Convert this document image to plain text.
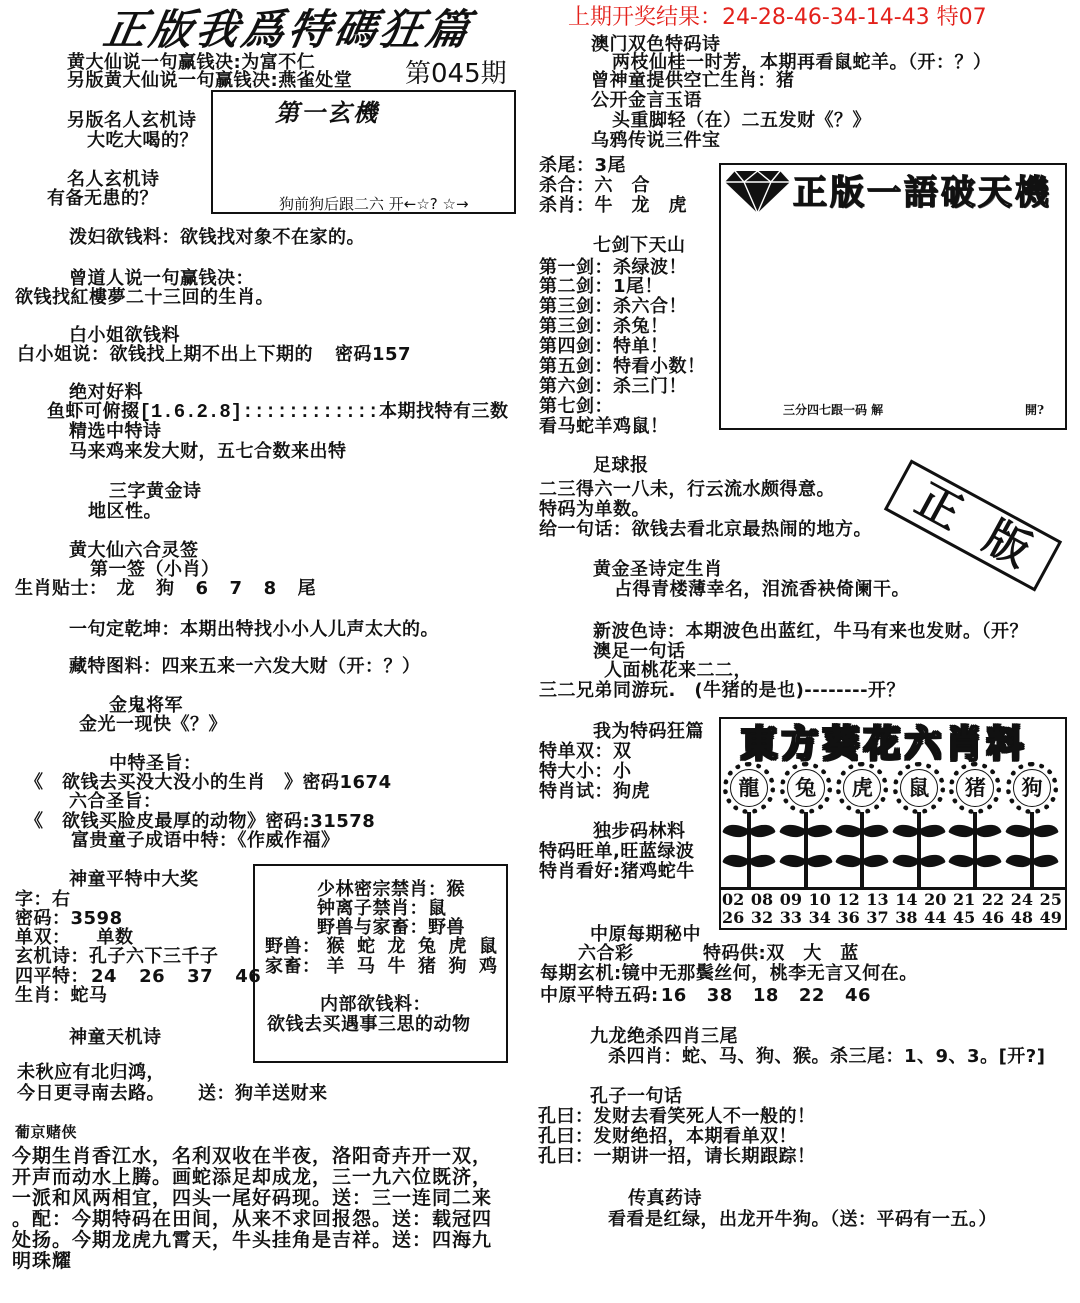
正版我爲特碼狂篇
第045期
上期开奖结果：24-28-46-34-14-43 特07
黄大仙说一句赢钱决:为富不仁
另版黄大仙说一句赢钱决:燕雀处堂
第一玄機
狗前狗后跟二六 开←☆? ☆→
另版名人玄机诗
大吃大喝的？
名人玄机诗
有备无患的？
泼妇欲钱料：欲钱找对象不在家的。
曾道人说一句赢钱决：
欲钱找紅樓夢二十三回的生肖。
白小姐欲钱料
白小姐说：欲钱找上期不出上下期的 密码157
绝对好料
鱼虾可俯掇 [1.6.2.8]:::::::::::: 本期找特有三数
精选中特诗
马来鸡来发大财，五七合数来出特
三字黄金诗
地区性。
黄大仙六合灵签
第一签（小肖）
生肖贴士： 龙 狗 6 7 8 尾
一句定乾坤：本期出特找小小人儿声太大的。
藏特图料：四来五来一六发大财（开：？）
金鬼将军
金光一现快《？》
中特圣旨：
《　欲钱去买没大没小的生肖　》密码1674
六合圣旨：
《　欲钱买脸皮最厚的动物》密码:31578
富贵童子成语中特：《作威作福》
神童平特中大奖
字： 右
密码： 3598
单双： 单数
玄机诗： 孔子六下三千子
四平特： 24 26 37 46
生肖： 蛇马
神童天机诗
未秋应有北归鸿，
今日更寻南去路。 送：狗羊送财来
少林密宗禁肖：猴
钟离子禁肖：鼠
野兽与家畜：野兽
野兽： 猴 蛇 龙 兔 虎 鼠
家畜： 羊 马 牛 猪 狗 鸡
内部欲钱料：
欲钱去买遇事三思的动物
葡京赌侠
今期生肖香江水，名利双收在半夜，洛阳奇卉开一双，
开声而动水上腾。画蛇添足却成龙，三一九六位既济，
一派和风两相宜，四头一尾好码现。送：三一连同二来
。配：今期特码在田间，从来不求回报怨。送：载冠四
处扬。今期龙虎九霄天，牛头挂角是吉祥。送：四海九
明珠耀
澳门双色特码诗
两枝仙桂一时芳，本期再看鼠蛇羊。（开：？）
曾神童提供空亡生肖：猪
公开金言玉语
头重脚轻（在）二五发财《？》
乌鸦传说三件宝
杀尾：3尾
杀合：六　合
杀肖：牛　龙　虎	正版一語破天機
三分四七跟一码 解	開?
七剑下天山
第一剑：杀绿波！
第二剑：1尾！
第三剑：杀六合！
第三剑：杀兔！
第四剑：特单！
第五剑：特看小数！
第六剑：杀三门！
第七剑：
看马蛇羊鸡鼠！
正版
足球报
二三得六一八未，行云流水颇得意。
特码为单数。
给一句话：欲钱去看北京最热闹的地方。
黄金圣诗定生肖
占得青楼薄幸名，泪流香袂倚阑干。
新波色诗：本期波色出蓝红，牛马有来也发财。（开？
澳足一句话
人面桃花来二二，
三二兄弟同游玩.　(牛猪的是也)--------开？
我为特码狂篇
特单双：双
特大小：小
特肖试：狗虎
独步码林料
特码旺单,旺蓝绿波
特肖看好:猪鸡蛇牛
東方葵花六肖料
龍	兔	虎	鼠	猪	狗
02 08 09 10 12 13 14 20 21 22 24 25
26 32 33 34 36 37 38 44 45 46 48 49
中原每期秘中
六合彩	特码供:双　大　蓝
每期玄机:镜中无那鬓丝何，桃李无言又何在。
中原平特五码: 16 38 18 22 46
九龙绝杀四肖三尾
杀四肖：蛇、马、狗、猴。杀三尾：1、9、3。[开?]
孔子一句话
孔曰：发财去看笑死人不一般的！
孔曰：发财绝招，本期看单双！
孔曰：一期讲一招，请长期跟踪！
传真药诗
看看是红绿，出龙开牛狗。（送：平码有一五。）
